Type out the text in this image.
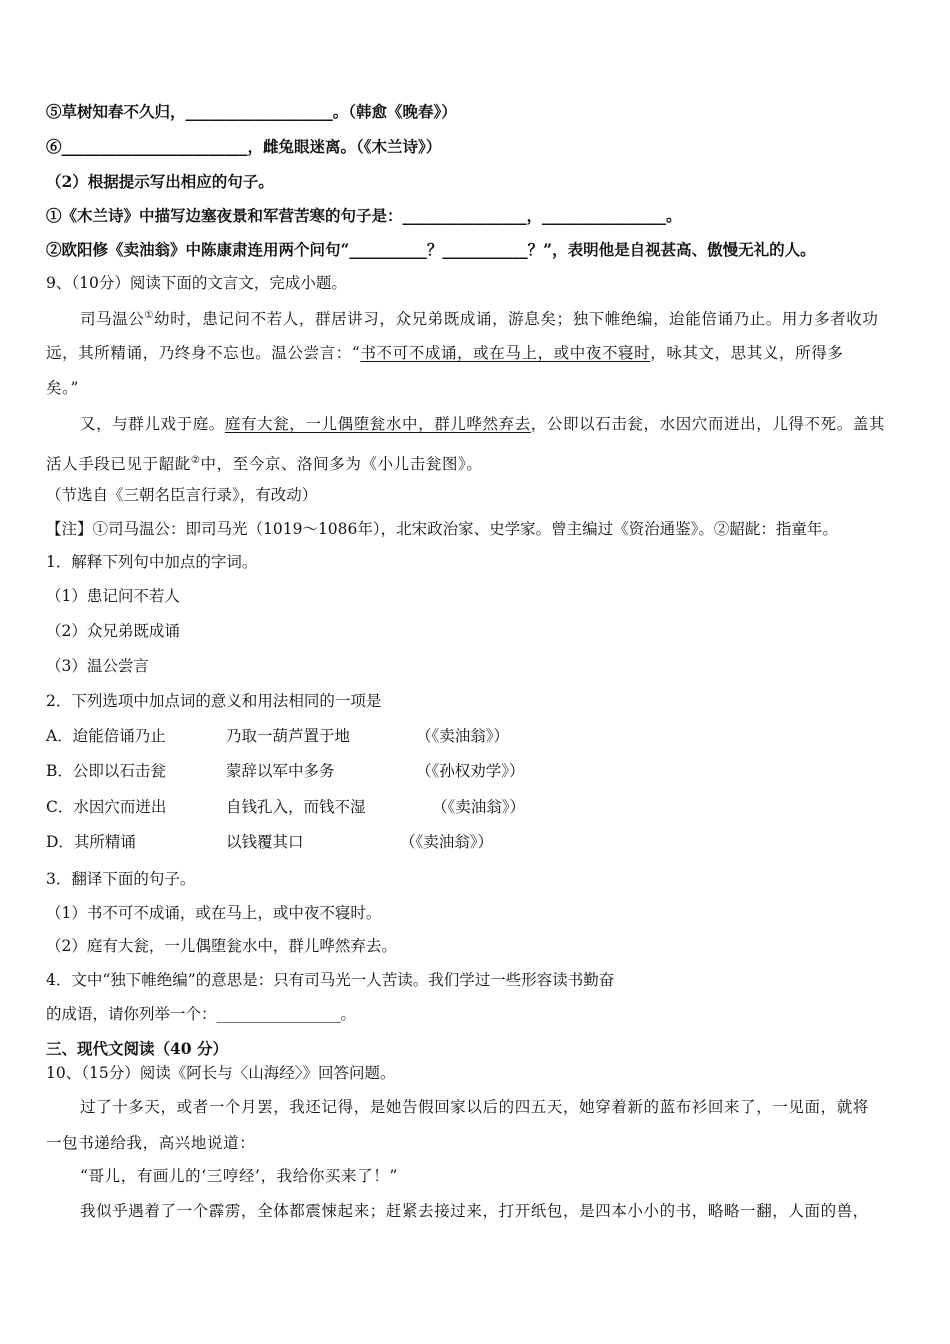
⑤草树知春不久归，___________________。（韩愈《晚春》）
⑥________________________，雌兔眼迷离。（《木兰诗》）
（2）根据提示写出相应的句子。
①《木兰诗》中描写边塞夜景和军营苦寒的句子是：________________，________________。
②欧阳修《卖油翁》中陈康肃连用两个问句“__________？___________？”，表明他是自视甚高、傲慢无礼的人。
9、（10分）阅读下面的文言文，完成小题。
司马温公①幼时，患记问不若人，群居讲习，众兄弟既成诵，游息矣；独下帷绝编，迨能倍诵乃止。用力多者收功
远，其所精诵，乃终身不忘也。温公尝言：“书不可不成诵，或在马上，或中夜不寝时，咏其文，思其义，所得多
矣。”
又，与群儿戏于庭。庭有大瓮，一儿偶堕瓮水中，群儿哗然弃去，公即以石击瓮，水因穴而迸出，儿得不死。盖其
活人手段已见于龆龀②中，至今京、洛间多为《小儿击瓮图》。
（节选自《三朝名臣言行录》，有改动）
【注】①司马温公：即司马光（1019～1086年），北宋政治家、史学家。曾主编过《资治通鉴》。②龆龀：指童年。
1．解释下列句中加点的字词。
（1）患记问不若人
（2）众兄弟既成诵
（3）温公尝言
2．下列选项中加点词的意义和用法相同的一项是
A．迨能倍诵乃止	乃取一葫芦置于地	（《卖油翁》）
B．公即以石击瓮	蒙辞以军中多务	（《孙权劝学》）
C．水因穴而迸出	自钱孔入，而钱不湿	（《卖油翁》）
D．其所精诵	以钱覆其口	（《卖油翁》）
3．翻译下面的句子。
（1）书不可不成诵，或在马上，或中夜不寝时。
（2）庭有大瓮，一儿偶堕瓮水中，群儿哗然弃去。
4．文中“独下帷绝编”的意思是：只有司马光一人苦读。我们学过一些形容读书勤奋
的成语，请你列举一个：________________。
三、现代文阅读（40 分）
10、（15分）阅读《阿长与〈山海经〉》回答问题。
过了十多天，或者一个月罢，我还记得，是她告假回家以后的四五天，她穿着新的蓝布衫回来了，一见面，就将
一包书递给我，高兴地说道：
“哥儿，有画儿的‘三哼经’，我给你买来了！”
我似乎遇着了一个霹雳，全体都震悚起来；赶紧去接过来，打开纸包，是四本小小的书，略略一翻，人面的兽，
